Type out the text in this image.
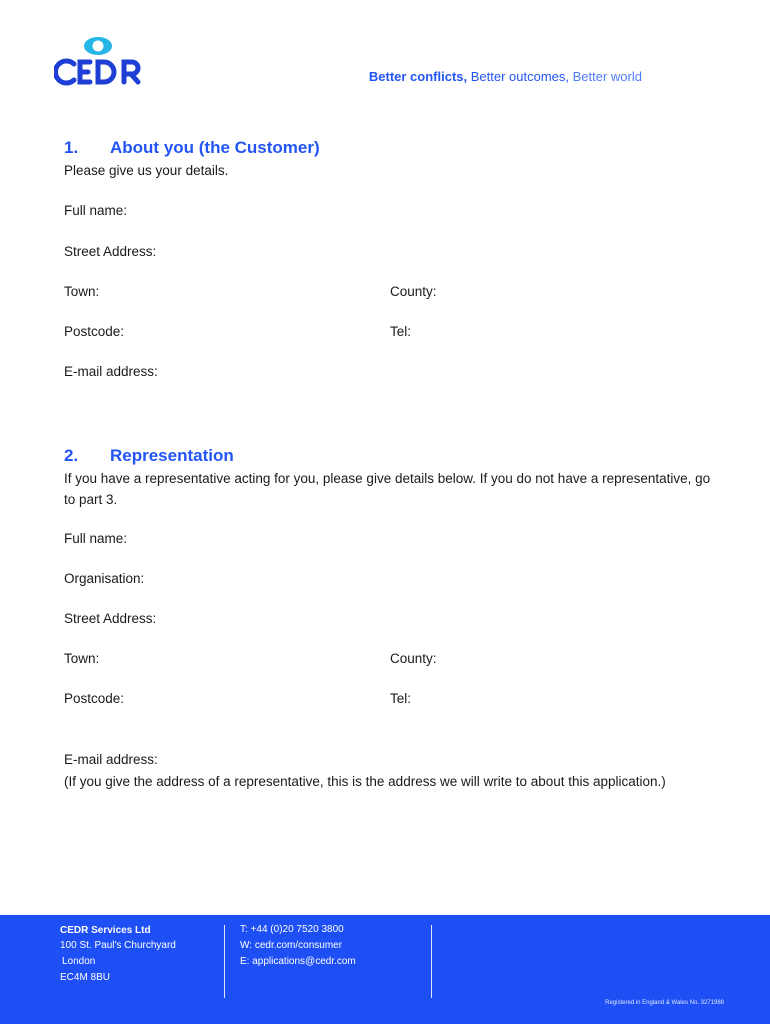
Better conflicts, Better outcomes, Better world
1. About you (the Customer)
Please give us your details.
Full name:
Street Address:
Town:	County:
Postcode:	Tel:
E-mail address:
2. Representation
If you have a representative acting for you, please give details below. If you do not have a representative, go to part 3.
Full name:
Organisation:
Street Address:
Town:	County:
Postcode:	Tel:
E-mail address:
(If you give the address of a representative, this is the address we will write to about this application.)
CEDR Services Ltd
100 St. Paul's Churchyard
London
EC4M 8BU
T: +44 (0)20 7520 3800
W: cedr.com/consumer
E: applications@cedr.com
Registered in England & Wales No. 3271988
